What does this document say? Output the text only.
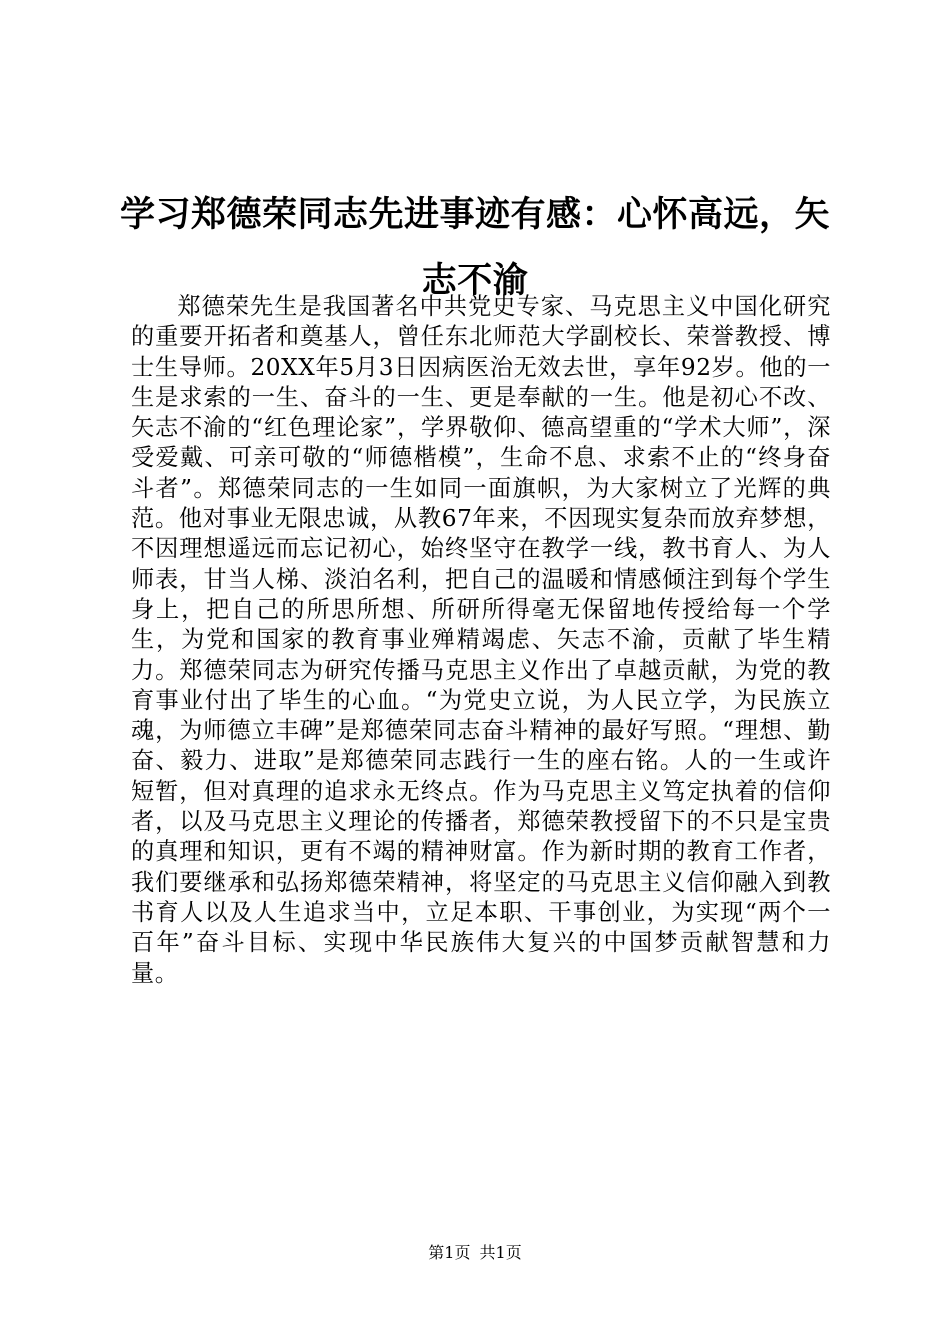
学习郑德荣同志先进事迹有感：心怀高远，矢志不渝

郑德荣先生是我国著名中共党史专家、马克思主义中国化研究的重要开拓者和奠基人，曾任东北师范大学副校长、荣誉教授、博士生导师。20XX年5月3日因病医治无效去世，享年92岁。他的一生是求索的一生、奋斗的一生、更是奉献的一生。他是初心不改、矢志不渝的“红色理论家”，学界敬仰、德高望重的“学术大师”，深受爱戴、可亲可敬的“师德楷模”，生命不息、求索不止的“终身奋斗者”。郑德荣同志的一生如同一面旗帜，为大家树立了光辉的典范。他对事业无限忠诚，从教67年来，不因现实复杂而放弃梦想，不因理想遥远而忘记初心，始终坚守在教学一线，教书育人、为人师表，甘当人梯、淡泊名利，把自己的温暖和情感倾注到每个学生身上，把自己的所思所想、所研所得毫无保留地传授给每一个学生，为党和国家的教育事业殚精竭虑、矢志不渝，贡献了毕生精力。郑德荣同志为研究传播马克思主义作出了卓越贡献，为党的教育事业付出了毕生的心血。“为党史立说，为人民立学，为民族立魂，为师德立丰碑”是郑德荣同志奋斗精神的最好写照。“理想、勤奋、毅力、进取”是郑德荣同志践行一生的座右铭。人的一生或许短暂，但对真理的追求永无终点。作为马克思主义笃定执着的信仰者，以及马克思主义理论的传播者，郑德荣教授留下的不只是宝贵的真理和知识，更有不竭的精神财富。作为新时期的教育工作者，我们要继承和弘扬郑德荣精神，将坚定的马克思主义信仰融入到教书育人以及人生追求当中，立足本职、干事创业，为实现“两个一百年”奋斗目标、实现中华民族伟大复兴的中国梦贡献智慧和力量。

第1页 共1页
